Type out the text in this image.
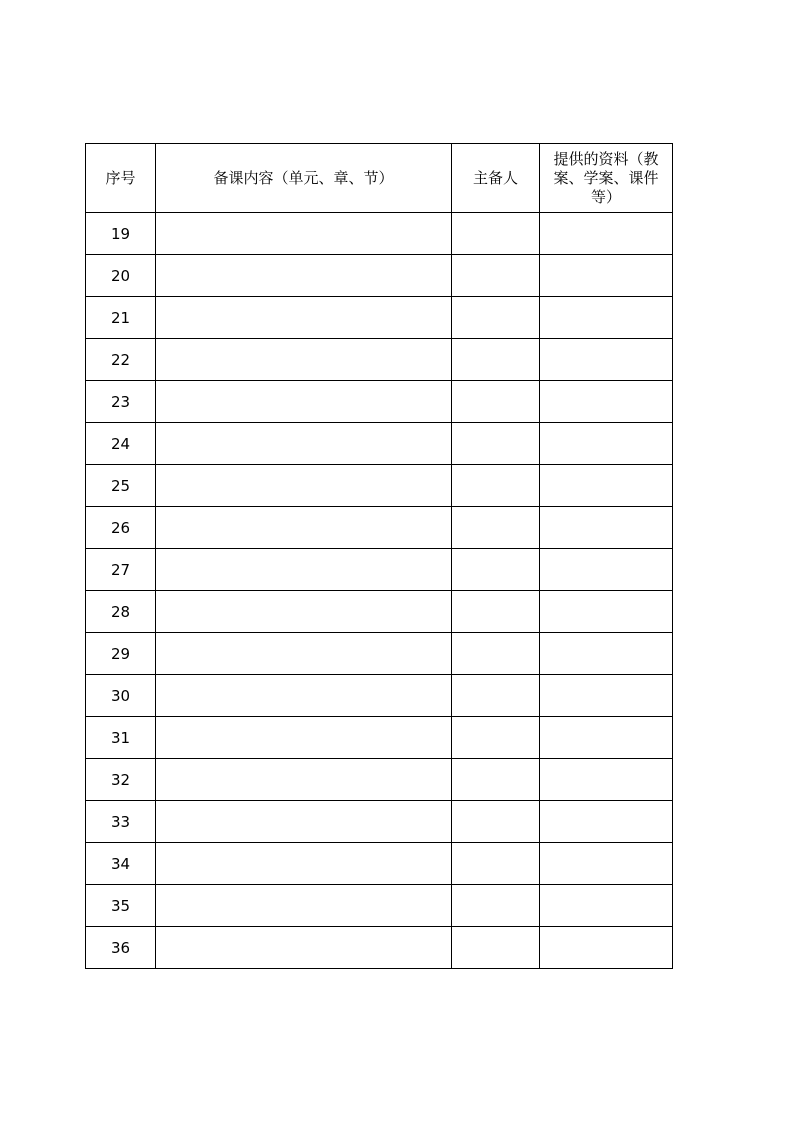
序号	备课内容（单元、章、节）	主备人	提供的资料（教案、学案、课件等）
19			
20			
21			
22			
23			
24			
25			
26			
27			
28			
29			
30			
31			
32			
33			
34			
35			
36			
